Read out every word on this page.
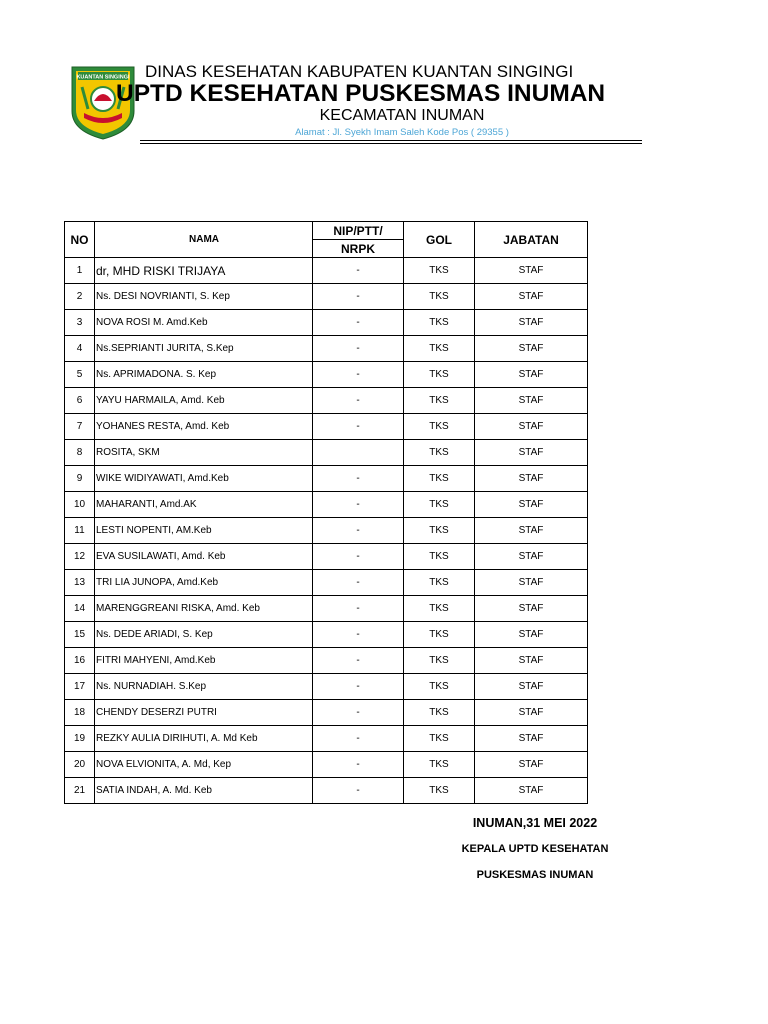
KUANTAN SINGINGI DINAS KESEHATAN KABUPATEN KUANTAN SINGINGI
UPTD KESEHATAN PUSKESMAS INUMAN
KECAMATAN INUMAN
Alamat : Jl. Syekh Imam Saleh Kode Pos ( 29355 )
NO	NAMA	NIP/PTT/	GOL	JABATAN
		NRPK		
1	dr, MHD RISKI TRIJAYA	-	TKS	STAF
2	Ns. DESI NOVRIANTI, S. Kep	-	TKS	STAF
3	NOVA ROSI M. Amd.Keb	-	TKS	STAF
4	Ns.SEPRIANTI JURITA, S.Kep	-	TKS	STAF
5	Ns. APRIMADONA. S. Kep	-	TKS	STAF
6	YAYU HARMAILA, Amd. Keb	-	TKS	STAF
7	YOHANES RESTA, Amd. Keb	-	TKS	STAF
8	ROSITA, SKM		TKS	STAF
9	WIKE WIDIYAWATI, Amd.Keb	-	TKS	STAF
10	MAHARANTI, Amd.AK	-	TKS	STAF
11	LESTI NOPENTI, AM.Keb	-	TKS	STAF
12	EVA SUSILAWATI, Amd. Keb	-	TKS	STAF
13	TRI LIA JUNOPA, Amd.Keb	-	TKS	STAF
14	MARENGGREANI RISKA, Amd. Keb	-	TKS	STAF
15	Ns. DEDE ARIADI, S. Kep	-	TKS	STAF
16	FITRI MAHYENI, Amd.Keb	-	TKS	STAF
17	Ns. NURNADIAH. S.Kep	-	TKS	STAF
18	CHENDY DESERZI PUTRI	-	TKS	STAF
19	REZKY AULIA DIRIHUTI, A. Md Keb	-	TKS	STAF
20	NOVA ELVIONITA, A. Md, Kep	-	TKS	STAF
21	SATIA INDAH, A. Md. Keb	-	TKS	STAF
INUMAN,31 MEI 2022
KEPALA UPTD KESEHATAN
PUSKESMAS INUMAN
